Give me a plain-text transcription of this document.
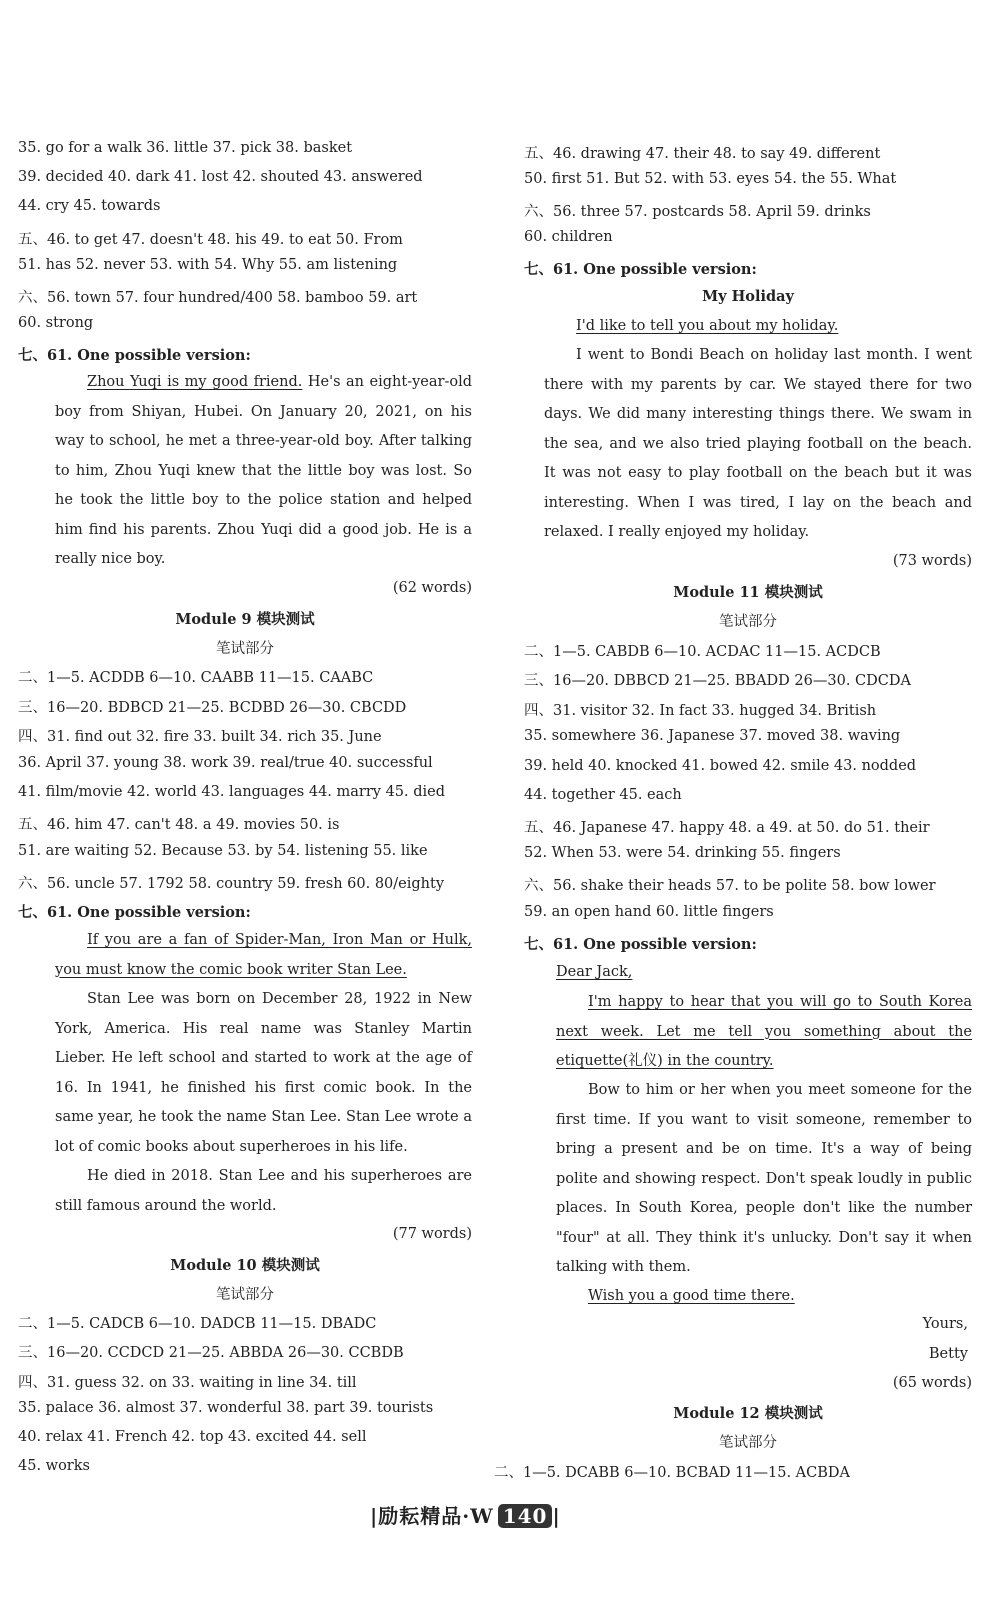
35. go for a walk 36. little 37. pick 38. basket
39. decided 40. dark 41. lost 42. shouted 43. answered
44. cry 45. towards
五、46. to get 47. doesn't 48. his 49. to eat 50. From
51. has 52. never 53. with 54. Why 55. am listening
六、56. town 57. four hundred/400 58. bamboo 59. art
60. strong
七、61. One possible version:
Zhou Yuqi is my good friend. He's an eight-year-old boy from Shiyan, Hubei. On January 20, 2021, on his way to school, he met a three-year-old boy. After talking to him, Zhou Yuqi knew that the little boy was lost. So he took the little boy to the police station and helped him find his parents. Zhou Yuqi did a good job. He is a really nice boy.
(62 words)
Module 9 模块测试
笔试部分
二、1—5. ACDDB 6—10. CAABB 11—15. CAABC
三、16—20. BDBCD 21—25. BCDBD 26—30. CBCDD
四、31. find out 32. fire 33. built 34. rich 35. June
36. April 37. young 38. work 39. real/true 40. successful
41. film/movie 42. world 43. languages 44. marry 45. died
五、46. him 47. can't 48. a 49. movies 50. is
51. are waiting 52. Because 53. by 54. listening 55. like
六、56. uncle 57. 1792 58. country 59. fresh 60. 80/eighty
七、61. One possible version:
If you are a fan of Spider-Man, Iron Man or Hulk, you must know the comic book writer Stan Lee.
Stan Lee was born on December 28, 1922 in New York, America. His real name was Stanley Martin Lieber. He left school and started to work at the age of 16. In 1941, he finished his first comic book. In the same year, he took the name Stan Lee. Stan Lee wrote a lot of comic books about superheroes in his life.
He died in 2018. Stan Lee and his superheroes are still famous around the world.
(77 words)
Module 10 模块测试
笔试部分
二、1—5. CADCB 6—10. DADCB 11—15. DBADC
三、16—20. CCDCD 21—25. ABBDA 26—30. CCBDB
四、31. guess 32. on 33. waiting in line 34. till
35. palace 36. almost 37. wonderful 38. part 39. tourists
40. relax 41. French 42. top 43. excited 44. sell
45. works
五、46. drawing 47. their 48. to say 49. different
50. first 51. But 52. with 53. eyes 54. the 55. What
六、56. three 57. postcards 58. April 59. drinks
60. children
七、61. One possible version:
My Holiday
I'd like to tell you about my holiday.
I went to Bondi Beach on holiday last month. I went there with my parents by car. We stayed there for two days. We did many interesting things there. We swam in the sea, and we also tried playing football on the beach. It was not easy to play football on the beach but it was interesting. When I was tired, I lay on the beach and relaxed. I really enjoyed my holiday.
(73 words)
Module 11 模块测试
笔试部分
二、1—5. CABDB 6—10. ACDAC 11—15. ACDCB
三、16—20. DBBCD 21—25. BBADD 26—30. CDCDA
四、31. visitor 32. In fact 33. hugged 34. British
35. somewhere 36. Japanese 37. moved 38. waving
39. held 40. knocked 41. bowed 42. smile 43. nodded
44. together 45. each
五、46. Japanese 47. happy 48. a 49. at 50. do 51. their
52. When 53. were 54. drinking 55. fingers
六、56. shake their heads 57. to be polite 58. bow lower
59. an open hand 60. little fingers
七、61. One possible version:
Dear Jack,
I'm happy to hear that you will go to South Korea next week. Let me tell you something about the etiquette(礼仪) in the country.
Bow to him or her when you meet someone for the first time. If you want to visit someone, remember to bring a present and be on time. It's a way of being polite and showing respect. Don't speak loudly in public places. In South Korea, people don't like the number "four" at all. They think it's unlucky. Don't say it when talking with them.
Wish you a good time there.
Yours,
Betty
(65 words)
Module 12 模块测试
笔试部分
二、1—5. DCABB 6—10. BCBAD 11—15. ACBDA
|励耘精品·W 140 |
